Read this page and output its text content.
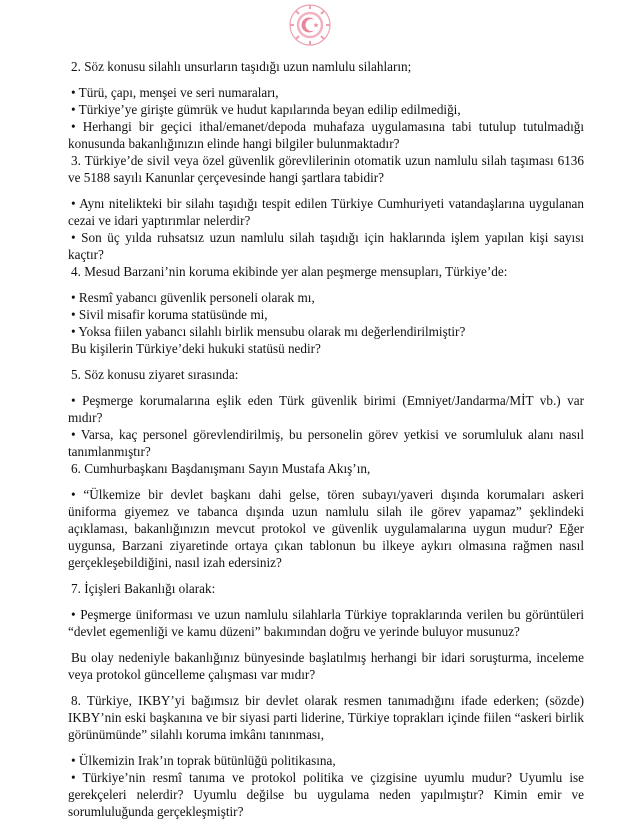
2. Söz konusu silahlı unsurların taşıdığı uzun namlulu silahların;

• Türü, çapı, menşei ve seri numaraları,

• Türkiye’ye girişte gümrük ve hudut kapılarında beyan edilip edilmediği,

• Herhangi bir geçici ithal/emanet/depoda muhafaza uygulamasına tabi tutulup tutulmadığı konusunda bakanlığınızın elinde hangi bilgiler bulunmaktadır?

3. Türkiye’de sivil veya özel güvenlik görevlilerinin otomatik uzun namlulu silah taşıması 6136 ve 5188 sayılı Kanunlar çerçevesinde hangi şartlara tabidir?

• Aynı nitelikteki bir silahı taşıdığı tespit edilen Türkiye Cumhuriyeti vatandaşlarına uygulanan cezai ve idari yaptırımlar nelerdir?

• Son üç yılda ruhsatsız uzun namlulu silah taşıdığı için haklarında işlem yapılan kişi sayısı kaçtır?

4. Mesud Barzani’nin koruma ekibinde yer alan peşmerge mensupları, Türkiye’de:

• Resmî yabancı güvenlik personeli olarak mı,

• Sivil misafir koruma statüsünde mi,

• Yoksa fiilen yabancı silahlı birlik mensubu olarak mı değerlendirilmiştir?

Bu kişilerin Türkiye’deki hukuki statüsü nedir?

5. Söz konusu ziyaret sırasında:

• Peşmerge korumalarına eşlik eden Türk güvenlik birimi (Emniyet/Jandarma/MİT vb.) var mıdır?

• Varsa, kaç personel görevlendirilmiş, bu personelin görev yetkisi ve sorumluluk alanı nasıl tanımlanmıştır?

6. Cumhurbaşkanı Başdanışmanı Sayın Mustafa Akış’ın,

• “Ülkemize bir devlet başkanı dahi gelse, tören subayı/yaveri dışında korumaları askeri üniforma giyemez ve tabanca dışında uzun namlulu silah ile görev yapamaz” şeklindeki açıklaması, bakanlığınızın mevcut protokol ve güvenlik uygulamalarına uygun mudur? Eğer uygunsa, Barzani ziyaretinde ortaya çıkan tablonun bu ilkeye aykırı olmasına rağmen nasıl gerçekleşebildiğini, nasıl izah edersiniz?

7. İçişleri Bakanlığı olarak:

• Peşmerge üniforması ve uzun namlulu silahlarla Türkiye topraklarında verilen bu görüntüleri “devlet egemenliği ve kamu düzeni” bakımından doğru ve yerinde buluyor musunuz?

Bu olay nedeniyle bakanlığınız bünyesinde başlatılmış herhangi bir idari soruşturma, inceleme veya protokol güncelleme çalışması var mıdır?

8. Türkiye, IKBY’yi bağımsız bir devlet olarak resmen tanımadığını ifade ederken; (sözde) IKBY’nin eski başkanına ve bir siyasi parti liderine, Türkiye toprakları içinde fiilen “askeri birlik görünümünde” silahlı koruma imkânı tanınması,

• Ülkemizin Irak’ın toprak bütünlüğü politikasına,

• Türkiye’nin resmî tanıma ve protokol politika ve çizgisine uyumlu mudur? Uyumlu ise gerekçeleri nelerdir? Uyumlu değilse bu uygulama neden yapılmıştır? Kimin emir ve sorumluluğunda gerçekleşmiştir?
